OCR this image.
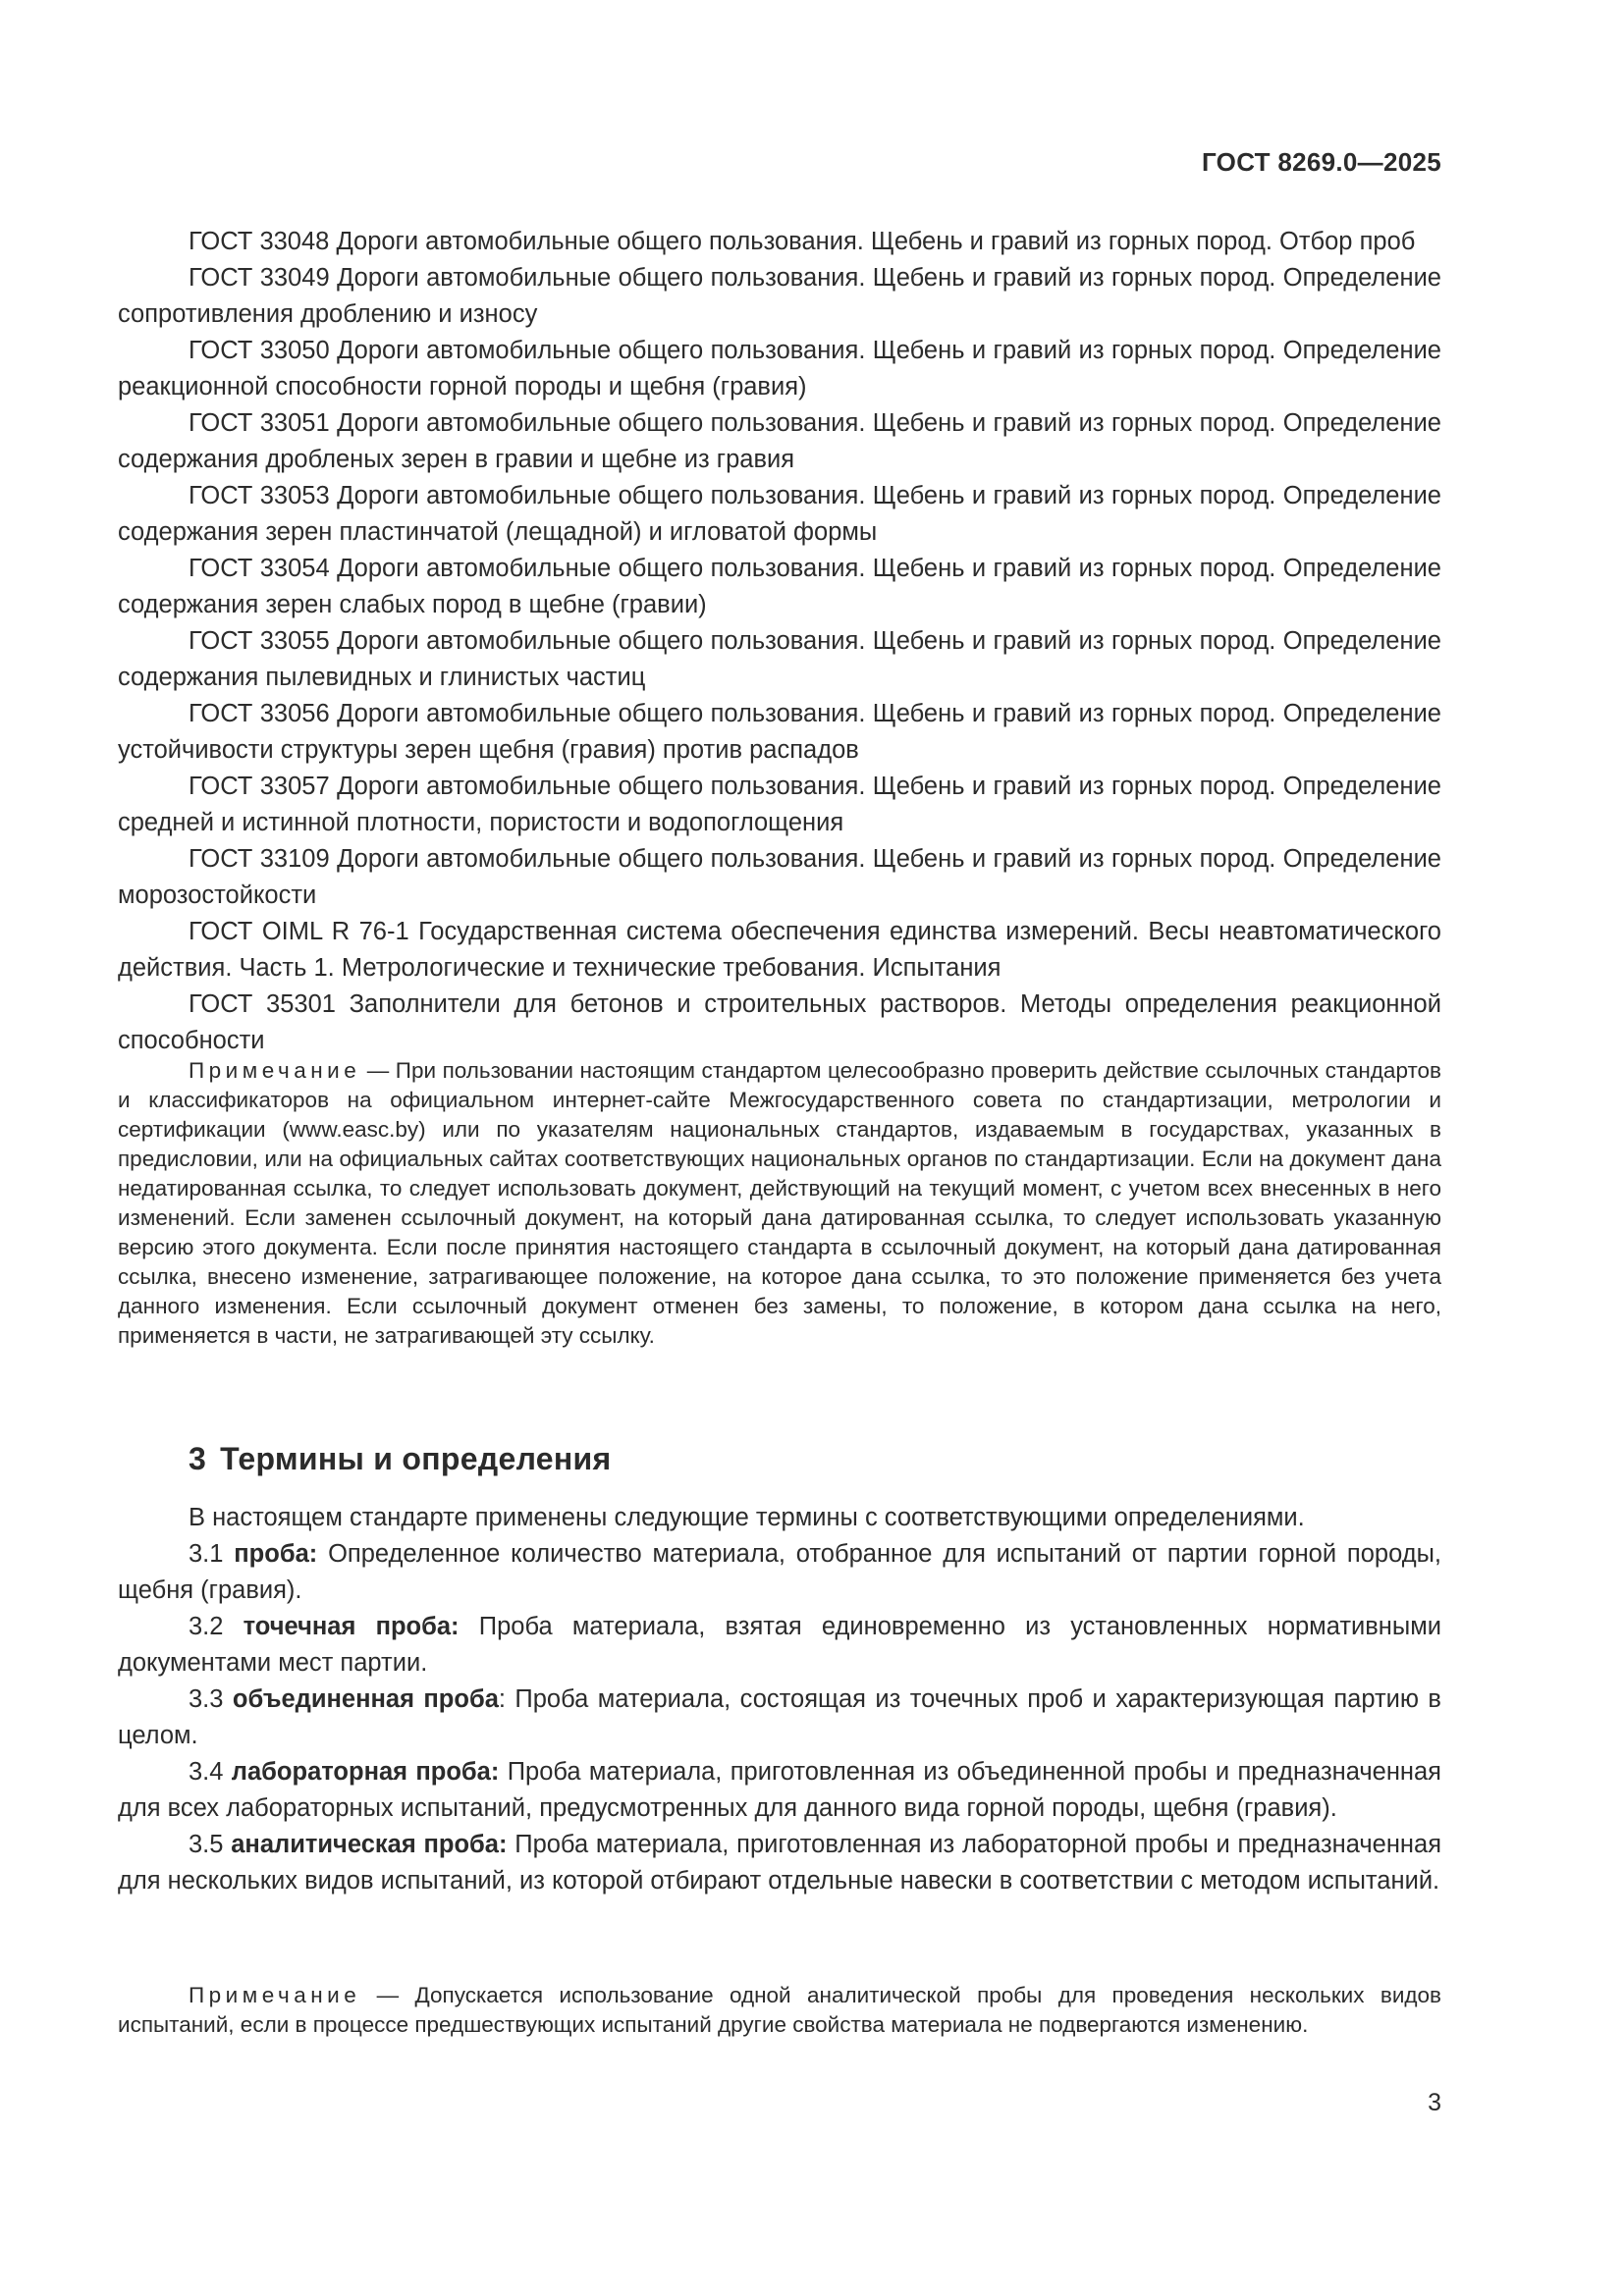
ГОСТ 8269.0—2025

ГОСТ 33048 Дороги автомобильные общего пользования. Щебень и гравий из горных пород. Отбор проб

ГОСТ 33049 Дороги автомобильные общего пользования. Щебень и гравий из горных пород. Определение сопротивления дроблению и износу

ГОСТ 33050 Дороги автомобильные общего пользования. Щебень и гравий из горных пород. Определение реакционной способности горной породы и щебня (гравия)

ГОСТ 33051 Дороги автомобильные общего пользования. Щебень и гравий из горных пород. Определение содержания дробленых зерен в гравии и щебне из гравия

ГОСТ 33053 Дороги автомобильные общего пользования. Щебень и гравий из горных пород. Определение содержания зерен пластинчатой (лещадной) и игловатой формы

ГОСТ 33054 Дороги автомобильные общего пользования. Щебень и гравий из горных пород. Определение содержания зерен слабых пород в щебне (гравии)

ГОСТ 33055 Дороги автомобильные общего пользования. Щебень и гравий из горных пород. Определение содержания пылевидных и глинистых частиц

ГОСТ 33056 Дороги автомобильные общего пользования. Щебень и гравий из горных пород. Определение устойчивости структуры зерен щебня (гравия) против распадов

ГОСТ 33057 Дороги автомобильные общего пользования. Щебень и гравий из горных пород. Определение средней и истинной плотности, пористости и водопоглощения

ГОСТ 33109 Дороги автомобильные общего пользования. Щебень и гравий из горных пород. Определение морозостойкости

ГОСТ OIML R 76-1 Государственная система обеспечения единства измерений. Весы неавтоматического действия. Часть 1. Метрологические и технические требования. Испытания

ГОСТ 35301 Заполнители для бетонов и строительных растворов. Методы определения реакционной способности

Примечание — При пользовании настоящим стандартом целесообразно проверить действие ссылочных стандартов и классификаторов на официальном интернет-сайте Межгосударственного совета по стандартизации, метрологии и сертификации (www.easc.by) или по указателям национальных стандартов, издаваемым в государствах, указанных в предисловии, или на официальных сайтах соответствующих национальных органов по стандартизации. Если на документ дана недатированная ссылка, то следует использовать документ, действующий на текущий момент, с учетом всех внесенных в него изменений. Если заменен ссылочный документ, на который дана датированная ссылка, то следует использовать указанную версию этого документа. Если после принятия настоящего стандарта в ссылочный документ, на который дана датированная ссылка, внесено изменение, затрагивающее положение, на которое дана ссылка, то это положение применяется без учета данного изменения. Если ссылочный документ отменен без замены, то положение, в котором дана ссылка на него, применяется в части, не затрагивающей эту ссылку.

3 Термины и определения

В настоящем стандарте применены следующие термины с соответствующими определениями.

3.1 проба: Определенное количество материала, отобранное для испытаний от партии горной породы, щебня (гравия).

3.2 точечная проба: Проба материала, взятая единовременно из установленных нормативными документами мест партии.

3.3 объединенная проба: Проба материала, состоящая из точечных проб и характеризующая партию в целом.

3.4 лабораторная проба: Проба материала, приготовленная из объединенной пробы и предназначенная для всех лабораторных испытаний, предусмотренных для данного вида горной породы, щебня (гравия).

3.5 аналитическая проба: Проба материала, приготовленная из лабораторной пробы и предназначенная для нескольких видов испытаний, из которой отбирают отдельные навески в соответствии с методом испытаний.

Примечание — Допускается использование одной аналитической пробы для проведения нескольких видов испытаний, если в процессе предшествующих испытаний другие свойства материала не подвергаются изменению.

3
